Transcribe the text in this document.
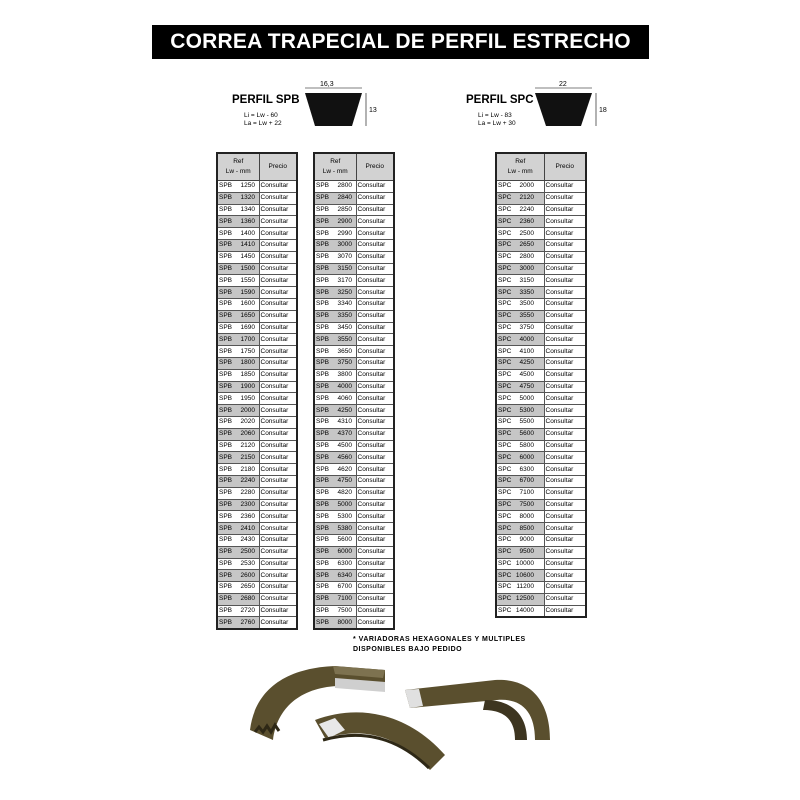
CORREA TRAPECIAL DE PERFIL ESTRECHO
PERFIL SPB
Li = Lw - 60
La = Lw + 22
16,3
13
PERFIL SPC
Li = Lw - 83
La = Lw + 30
22
18
Ref
Lw - mm	Precio
SPB 1250	Consultar
SPB 1320	Consultar
SPB 1340	Consultar
SPB 1360	Consultar
SPB 1400	Consultar
SPB 1410	Consultar
SPB 1450	Consultar
SPB 1500	Consultar
SPB 1550	Consultar
SPB 1590	Consultar
SPB 1600	Consultar
SPB 1650	Consultar
SPB 1690	Consultar
SPB 1700	Consultar
SPB 1750	Consultar
SPB 1800	Consultar
SPB 1850	Consultar
SPB 1900	Consultar
SPB 1950	Consultar
SPB 2000	Consultar
SPB 2020	Consultar
SPB 2060	Consultar
SPB 2120	Consultar
SPB 2150	Consultar
SPB 2180	Consultar
SPB 2240	Consultar
SPB 2280	Consultar
SPB 2300	Consultar
SPB 2360	Consultar
SPB 2410	Consultar
SPB 2430	Consultar
SPB 2500	Consultar
SPB 2530	Consultar
SPB 2600	Consultar
SPB 2650	Consultar
SPB 2680	Consultar
SPB 2720	Consultar
SPB 2760	Consultar
Ref
Lw - mm	Precio
SPB 2800	Consultar
SPB 2840	Consultar
SPB 2850	Consultar
SPB 2900	Consultar
SPB 2990	Consultar
SPB 3000	Consultar
SPB 3070	Consultar
SPB 3150	Consultar
SPB 3170	Consultar
SPB 3250	Consultar
SPB 3340	Consultar
SPB 3350	Consultar
SPB 3450	Consultar
SPB 3550	Consultar
SPB 3650	Consultar
SPB 3750	Consultar
SPB 3800	Consultar
SPB 4000	Consultar
SPB 4060	Consultar
SPB 4250	Consultar
SPB 4310	Consultar
SPB 4370	Consultar
SPB 4500	Consultar
SPB 4560	Consultar
SPB 4620	Consultar
SPB 4750	Consultar
SPB 4820	Consultar
SPB 5000	Consultar
SPB 5300	Consultar
SPB 5380	Consultar
SPB 5600	Consultar
SPB 6000	Consultar
SPB 6300	Consultar
SPB 6340	Consultar
SPB 6700	Consultar
SPB 7100	Consultar
SPB 7500	Consultar
SPB 8000	Consultar
Ref
Lw - mm	Precio
SPC 2000	Consultar
SPC 2120	Consultar
SPC 2240	Consultar
SPC 2360	Consultar
SPC 2500	Consultar
SPC 2650	Consultar
SPC 2800	Consultar
SPC 3000	Consultar
SPC 3150	Consultar
SPC 3350	Consultar
SPC 3500	Consultar
SPC 3550	Consultar
SPC 3750	Consultar
SPC 4000	Consultar
SPC 4100	Consultar
SPC 4250	Consultar
SPC 4500	Consultar
SPC 4750	Consultar
SPC 5000	Consultar
SPC 5300	Consultar
SPC 5500	Consultar
SPC 5600	Consultar
SPC 5800	Consultar
SPC 6000	Consultar
SPC 6300	Consultar
SPC 6700	Consultar
SPC 7100	Consultar
SPC 7500	Consultar
SPC 8000	Consultar
SPC 8500	Consultar
SPC 9000	Consultar
SPC 9500	Consultar
SPC 10000	Consultar
SPC 10600	Consultar
SPC 11200	Consultar
SPC 12500	Consultar
SPC 14000	Consultar
* VARIADORAS HEXAGONALES Y MULTIPLES
DISPONIBLES BAJO PEDIDO
